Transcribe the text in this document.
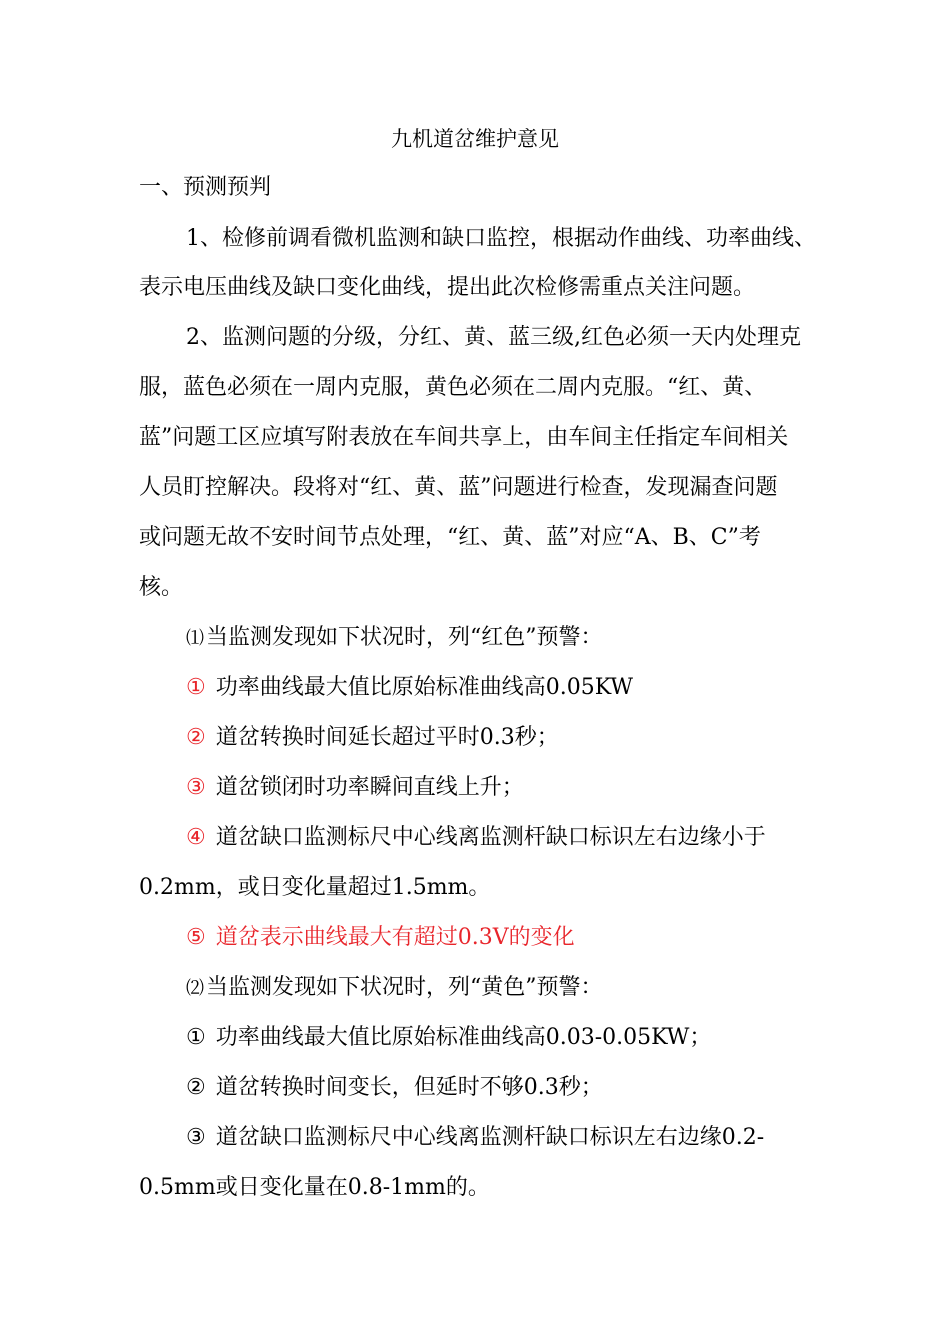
九机道岔维护意见
一、预测预判
1、检修前调看微机监测和缺口监控，根据动作曲线、功率曲线、
表示电压曲线及缺口变化曲线，提出此次检修需重点关注问题。
2、监测问题的分级，分红、黄、蓝三级,红色必须一天内处理克
服，蓝色必须在一周内克服，黄色必须在二周内克服。“红、黄、
蓝”问题工区应填写附表放在车间共享上，由车间主任指定车间相关
人员盯控解决。段将对“红、黄、蓝”问题进行检查，发现漏查问题
或问题无故不安时间节点处理，“红、黄、蓝”对应“A、B、C”考
核。
⑴当监测发现如下状况时，列“红色”预警：
① 功率曲线最大值比原始标准曲线高0.05KW
② 道岔转换时间延长超过平时0.3秒；
③ 道岔锁闭时功率瞬间直线上升；
④ 道岔缺口监测标尺中心线离监测杆缺口标识左右边缘小于
0.2mm，或日变化量超过1.5mm。
⑤ 道岔表示曲线最大有超过0.3V的变化
⑵当监测发现如下状况时，列“黄色”预警：
① 功率曲线最大值比原始标准曲线高0.03-0.05KW；
② 道岔转换时间变长，但延时不够0.3秒；
③ 道岔缺口监测标尺中心线离监测杆缺口标识左右边缘0.2-
0.5mm或日变化量在0.8-1mm的。
